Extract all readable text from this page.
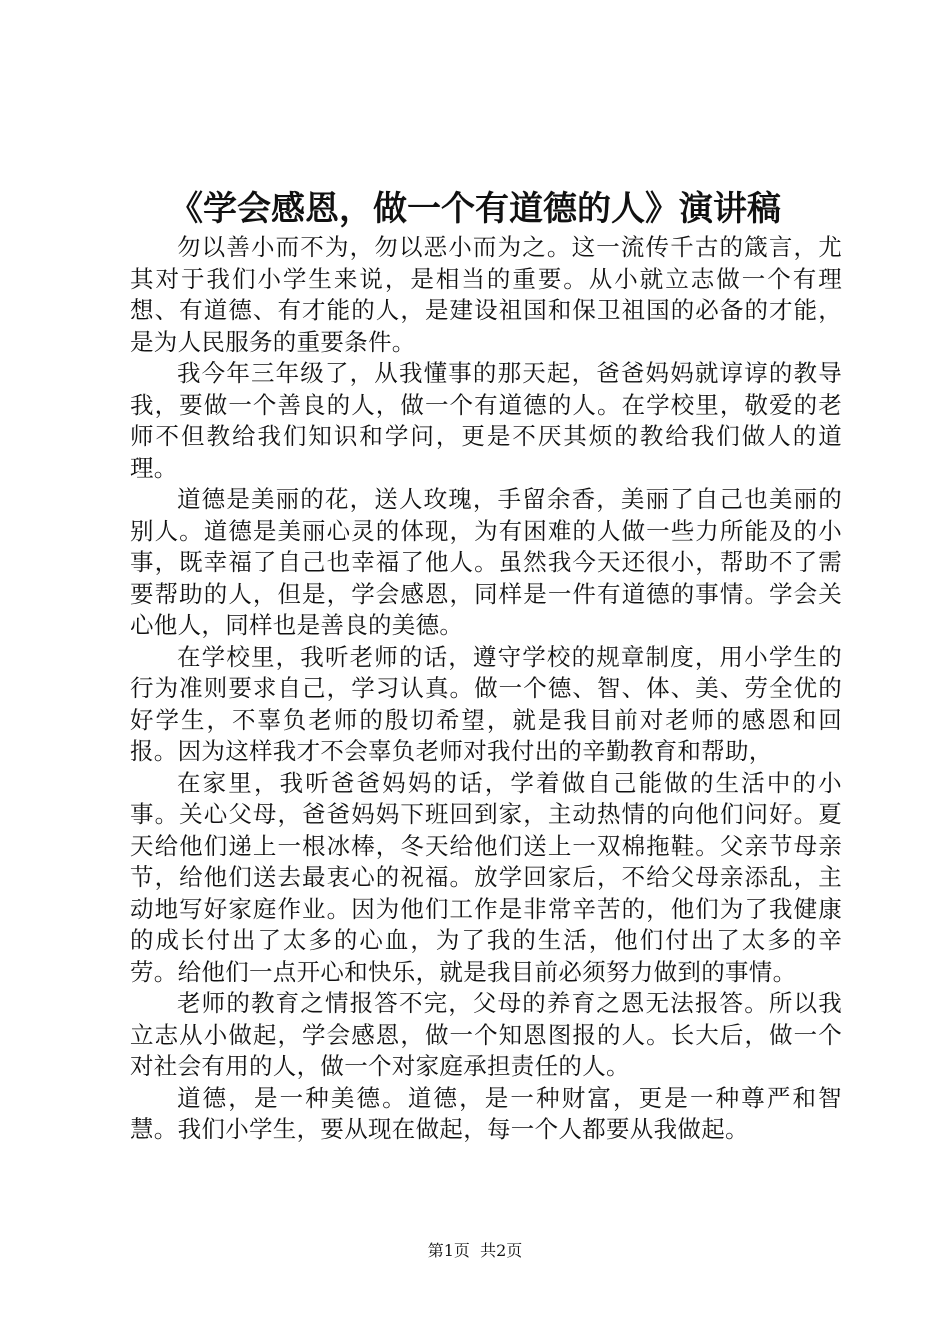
《学会感恩，做一个有道德的人》演讲稿

勿以善小而不为，勿以恶小而为之。这一流传千古的箴言，尤其对于我们小学生来说，是相当的重要。从小就立志做一个有理想、有道德、有才能的人，是建设祖国和保卫祖国的必备的才能，是为人民服务的重要条件。

我今年三年级了，从我懂事的那天起，爸爸妈妈就谆谆的教导我，要做一个善良的人，做一个有道德的人。在学校里，敬爱的老师不但教给我们知识和学问，更是不厌其烦的教给我们做人的道理。

道德是美丽的花，送人玫瑰，手留余香，美丽了自己也美丽的别人。道德是美丽心灵的体现，为有困难的人做一些力所能及的小事，既幸福了自己也幸福了他人。虽然我今天还很小，帮助不了需要帮助的人，但是，学会感恩，同样是一件有道德的事情。学会关心他人，同样也是善良的美德。

在学校里，我听老师的话，遵守学校的规章制度，用小学生的行为准则要求自己，学习认真。做一个德、智、体、美、劳全优的好学生，不辜负老师的殷切希望，就是我目前对老师的感恩和回报。因为这样我才不会辜负老师对我付出的辛勤教育和帮助，

在家里，我听爸爸妈妈的话，学着做自己能做的生活中的小事。关心父母，爸爸妈妈下班回到家，主动热情的向他们问好。夏天给他们递上一根冰棒，冬天给他们送上一双棉拖鞋。父亲节母亲节，给他们送去最衷心的祝福。放学回家后，不给父母亲添乱，主动地写好家庭作业。因为他们工作是非常辛苦的，他们为了我健康的成长付出了太多的心血，为了我的生活，他们付出了太多的辛劳。给他们一点开心和快乐，就是我目前必须努力做到的事情。

老师的教育之情报答不完，父母的养育之恩无法报答。所以我立志从小做起，学会感恩，做一个知恩图报的人。长大后，做一个对社会有用的人，做一个对家庭承担责任的人。

道德，是一种美德。道德，是一种财富，更是一种尊严和智慧。我们小学生，要从现在做起，每一个人都要从我做起。

第1页  共2页
